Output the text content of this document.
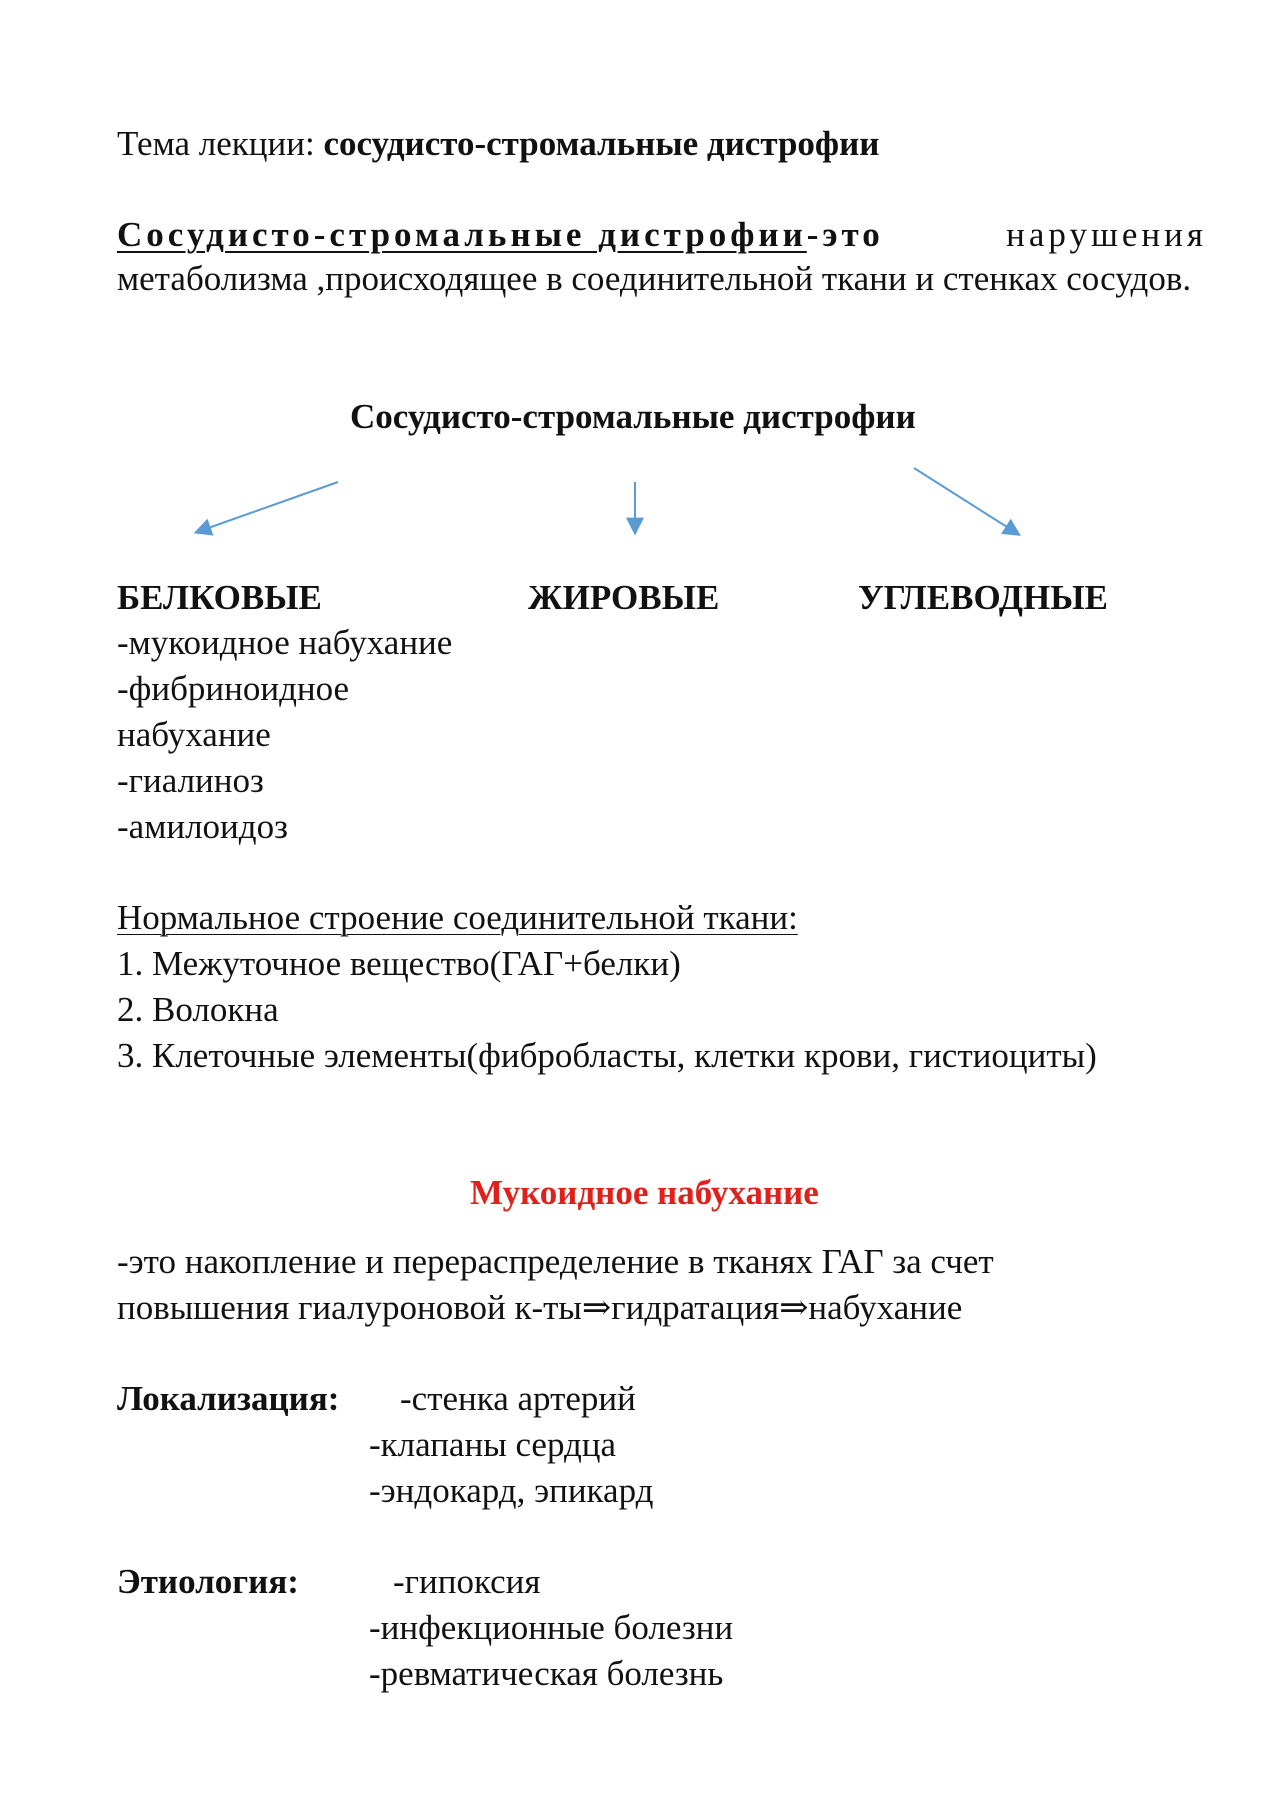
Тема лекции: сосудисто-стромальные дистрофии
Сосудисто-стромальные дистрофии-это	нарушения
метаболизма ,происходящее в соединительной ткани и стенках сосудов.
Сосудисто-стромальные дистрофии
БЕЛКОВЫЕ	ЖИРОВЫЕ	УГЛЕВОДНЫЕ
-мукоидное набухание
-фибриноидное
набухание
-гиалиноз
-амилоидоз
Нормальное строение соединительной ткани:
1. Межуточное вещество(ГАГ+белки)
2. Волокна
3. Клеточные элементы(фибробласты, клетки крови, гистиоциты)
Мукоидное набухание
-это накопление и перераспределение в тканях ГАГ за счет
повышения гиалуроновой к-ты⇒гидратация⇒набухание
Локализация: -стенка артерий
-клапаны сердца
-эндокард, эпикард
Этиология:	-гипоксия
-инфекционные болезни
-ревматическая болезнь
